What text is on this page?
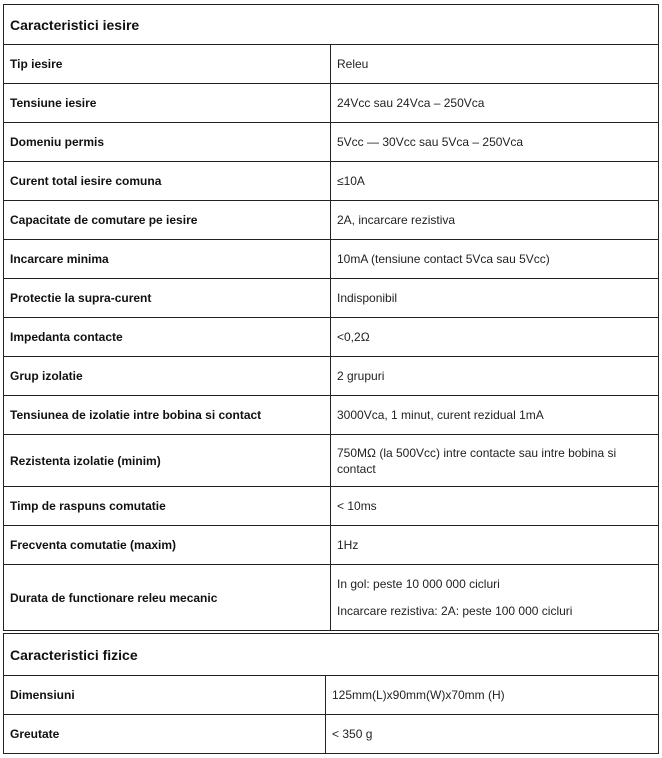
Caracteristici iesire	
Tip iesire	Releu
Tensiune iesire	24Vcc sau 24Vca – 250Vca
Domeniu permis	5Vcc — 30Vcc sau 5Vca – 250Vca
Curent total iesire comuna	≤10A
Capacitate de comutare pe iesire	2A, incarcare rezistiva
Incarcare minima	10mA (tensiune contact 5Vca sau 5Vcc)
Protectie la supra-curent	Indisponibil
Impedanta contacte	<0,2Ω
Grup izolatie	2 grupuri
Tensiunea de izolatie intre bobina si contact	3000Vca, 1 minut, curent rezidual 1mA
Rezistenta izolatie (minim)	750MΩ (la 500Vcc) intre contacte sau intre bobina si contact

Timp de raspuns comutatie	< 10ms
Frecventa comutatie (maxim)	1Hz
Durata de functionare releu mecanic	In gol: peste 10 000 000 cicluri

Incarcare rezistiva: 2A: peste 100 000 cicluri

Caracteristici fizice	
Dimensiuni	125mm(L)x90mm(W)x70mm (H)
Greutate	< 350 g
